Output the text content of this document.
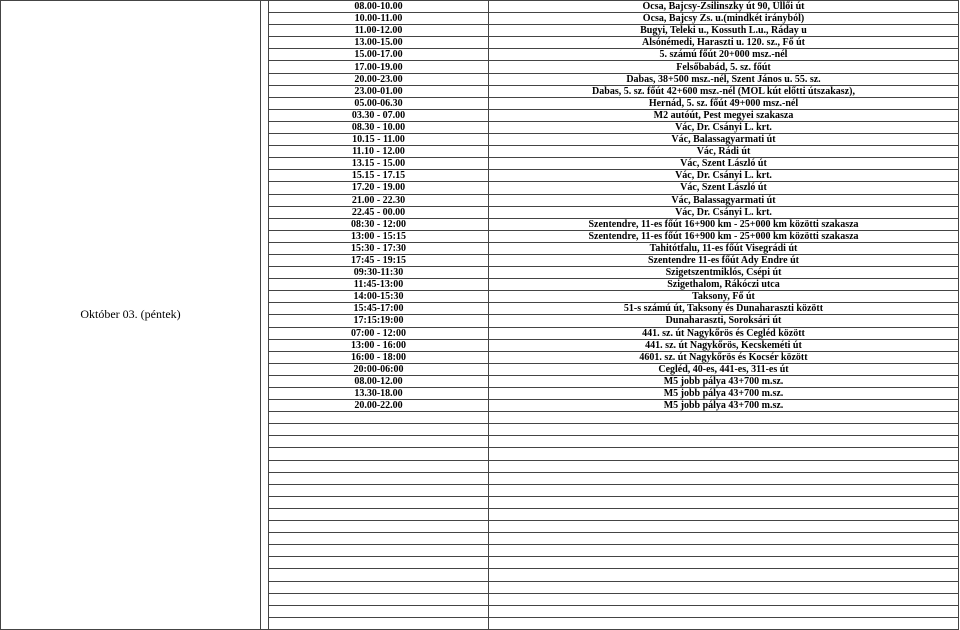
Október 03. (péntek)		08.00-10.00	Ócsa, Bajcsy-Zsilinszky út 90, Üllői út
		10.00-11.00	Ócsa, Bajcsy Zs. u.(mindkét irányból)
		11.00-12.00	Bugyi, Teleki u., Kossuth L.u., Ráday u
		13.00-15.00	Alsónémedi, Haraszti u. 120. sz., Fő út
		15.00-17.00	5. számú főút 20+000 msz.-nél
		17.00-19.00	Felsőbabád, 5. sz. főút
		20.00-23.00	Dabas, 38+500 msz.-nél, Szent János u. 55. sz.
		23.00-01.00	Dabas, 5. sz. főút 42+600 msz.-nél (MOL kút előtti útszakasz),
		05.00-06.30	Hernád, 5. sz. főút 49+000 msz.-nél
		03.30 - 07.00	M2 autóút, Pest megyei szakasza
		08.30 - 10.00	Vác, Dr. Csányi L. krt.
		10.15 - 11.00	Vác, Balassagyarmati út
		11.10 - 12.00	Vác, Rádi út
		13.15 - 15.00	Vác, Szent László út
		15.15 - 17.15	Vác, Dr. Csányi L. krt.
		17.20 - 19.00	Vác, Szent László út
		21.00 - 22.30	Vác, Balassagyarmati út
		22.45 - 00.00	Vác, Dr. Csányi L. krt.
		08:30 - 12:00	Szentendre, 11-es főút 16+900 km - 25+000 km közötti szakasza
		13:00 - 15:15	Szentendre, 11-es főút 16+900 km - 25+000 km közötti szakasza
		15:30 - 17:30	Tahitótfalu, 11-es főút Visegrádi út
		17:45 - 19:15	Szentendre 11-es főút Ady Endre út
		09:30-11:30	Szigetszentmiklós, Csépi út
		11:45-13:00	Szigethalom, Rákóczi utca
		14:00-15:30	Taksony, Fő út
		15:45-17:00	51-s számú út, Taksony és Dunaharaszti között
		17:15:19:00	Dunaharaszti, Soroksári út
		07:00 - 12:00	441. sz. út Nagykőrös és Cegléd között
		13:00 - 16:00	441. sz. út Nagykőrös, Kecskeméti út
		16:00 - 18:00	4601. sz. út Nagykőrös és Kocsér között
		20:00-06:00	Cegléd, 40-es, 441-es, 311-es út
		08.00-12.00	M5 jobb pálya 43+700 m.sz.
		13.30-18.00	M5 jobb pálya 43+700 m.sz.
		20.00-22.00	M5 jobb pálya 43+700 m.sz.
